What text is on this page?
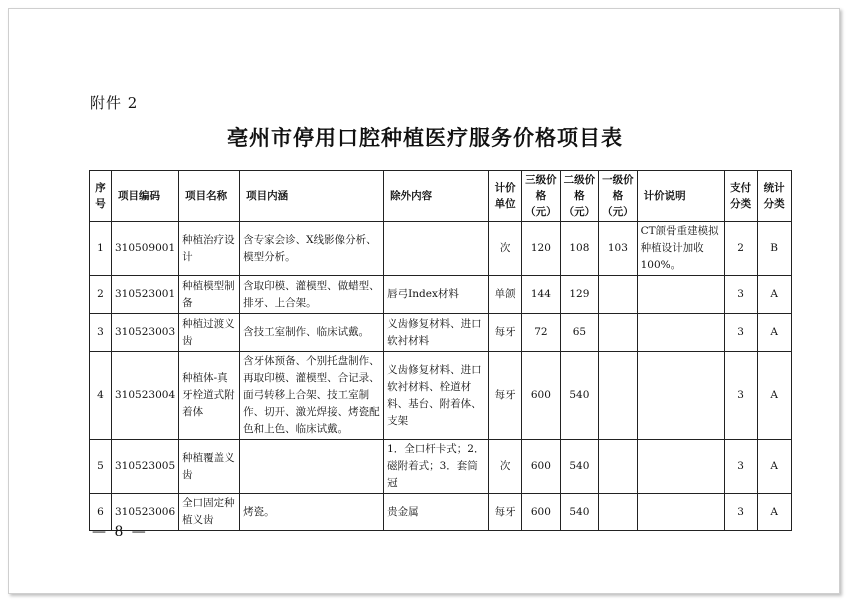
附件 2
亳州市停用口腔种植医疗服务价格项目表
序号	项目编码	项目名称	项目内涵	除外内容	计价单位	三级价格（元）	二级价格（元）	一级价格（元）	计价说明	支付分类	统计分类
1	310509001	种植治疗设计	含专家会诊、X线影像分析、模型分析。		次	120	108	103	CT颌骨重建模拟种植设计加收100%。	2	B
2	310523001	种植模型制备	含取印模、灌模型、做蜡型、排牙、上合架。	唇弓Index材料	单颌	144	129			3	A
3	310523003	种植过渡义齿	含技工室制作、临床试戴。	义齿修复材料、进口软衬材料	每牙	72	65			3	A
4	310523004	种植体-真牙栓道式附着体	含牙体预备、个别托盘制作、再取印模、灌模型、合记录、面弓转移上合架、技工室制作、切开、激光焊接、烤瓷配色和上色、临床试戴。	义齿修复材料、进口软衬材料、栓道材料、基台、附着体、支架	每牙	600	540			3	A
5	310523005	种植覆盖义齿		1．全口杆卡式；2．磁附着式；3．套筒冠	次	600	540			3	A
6	310523006	全口固定种植义齿	烤瓷。	贵金属	每牙	600	540			3	A
— 8 —
